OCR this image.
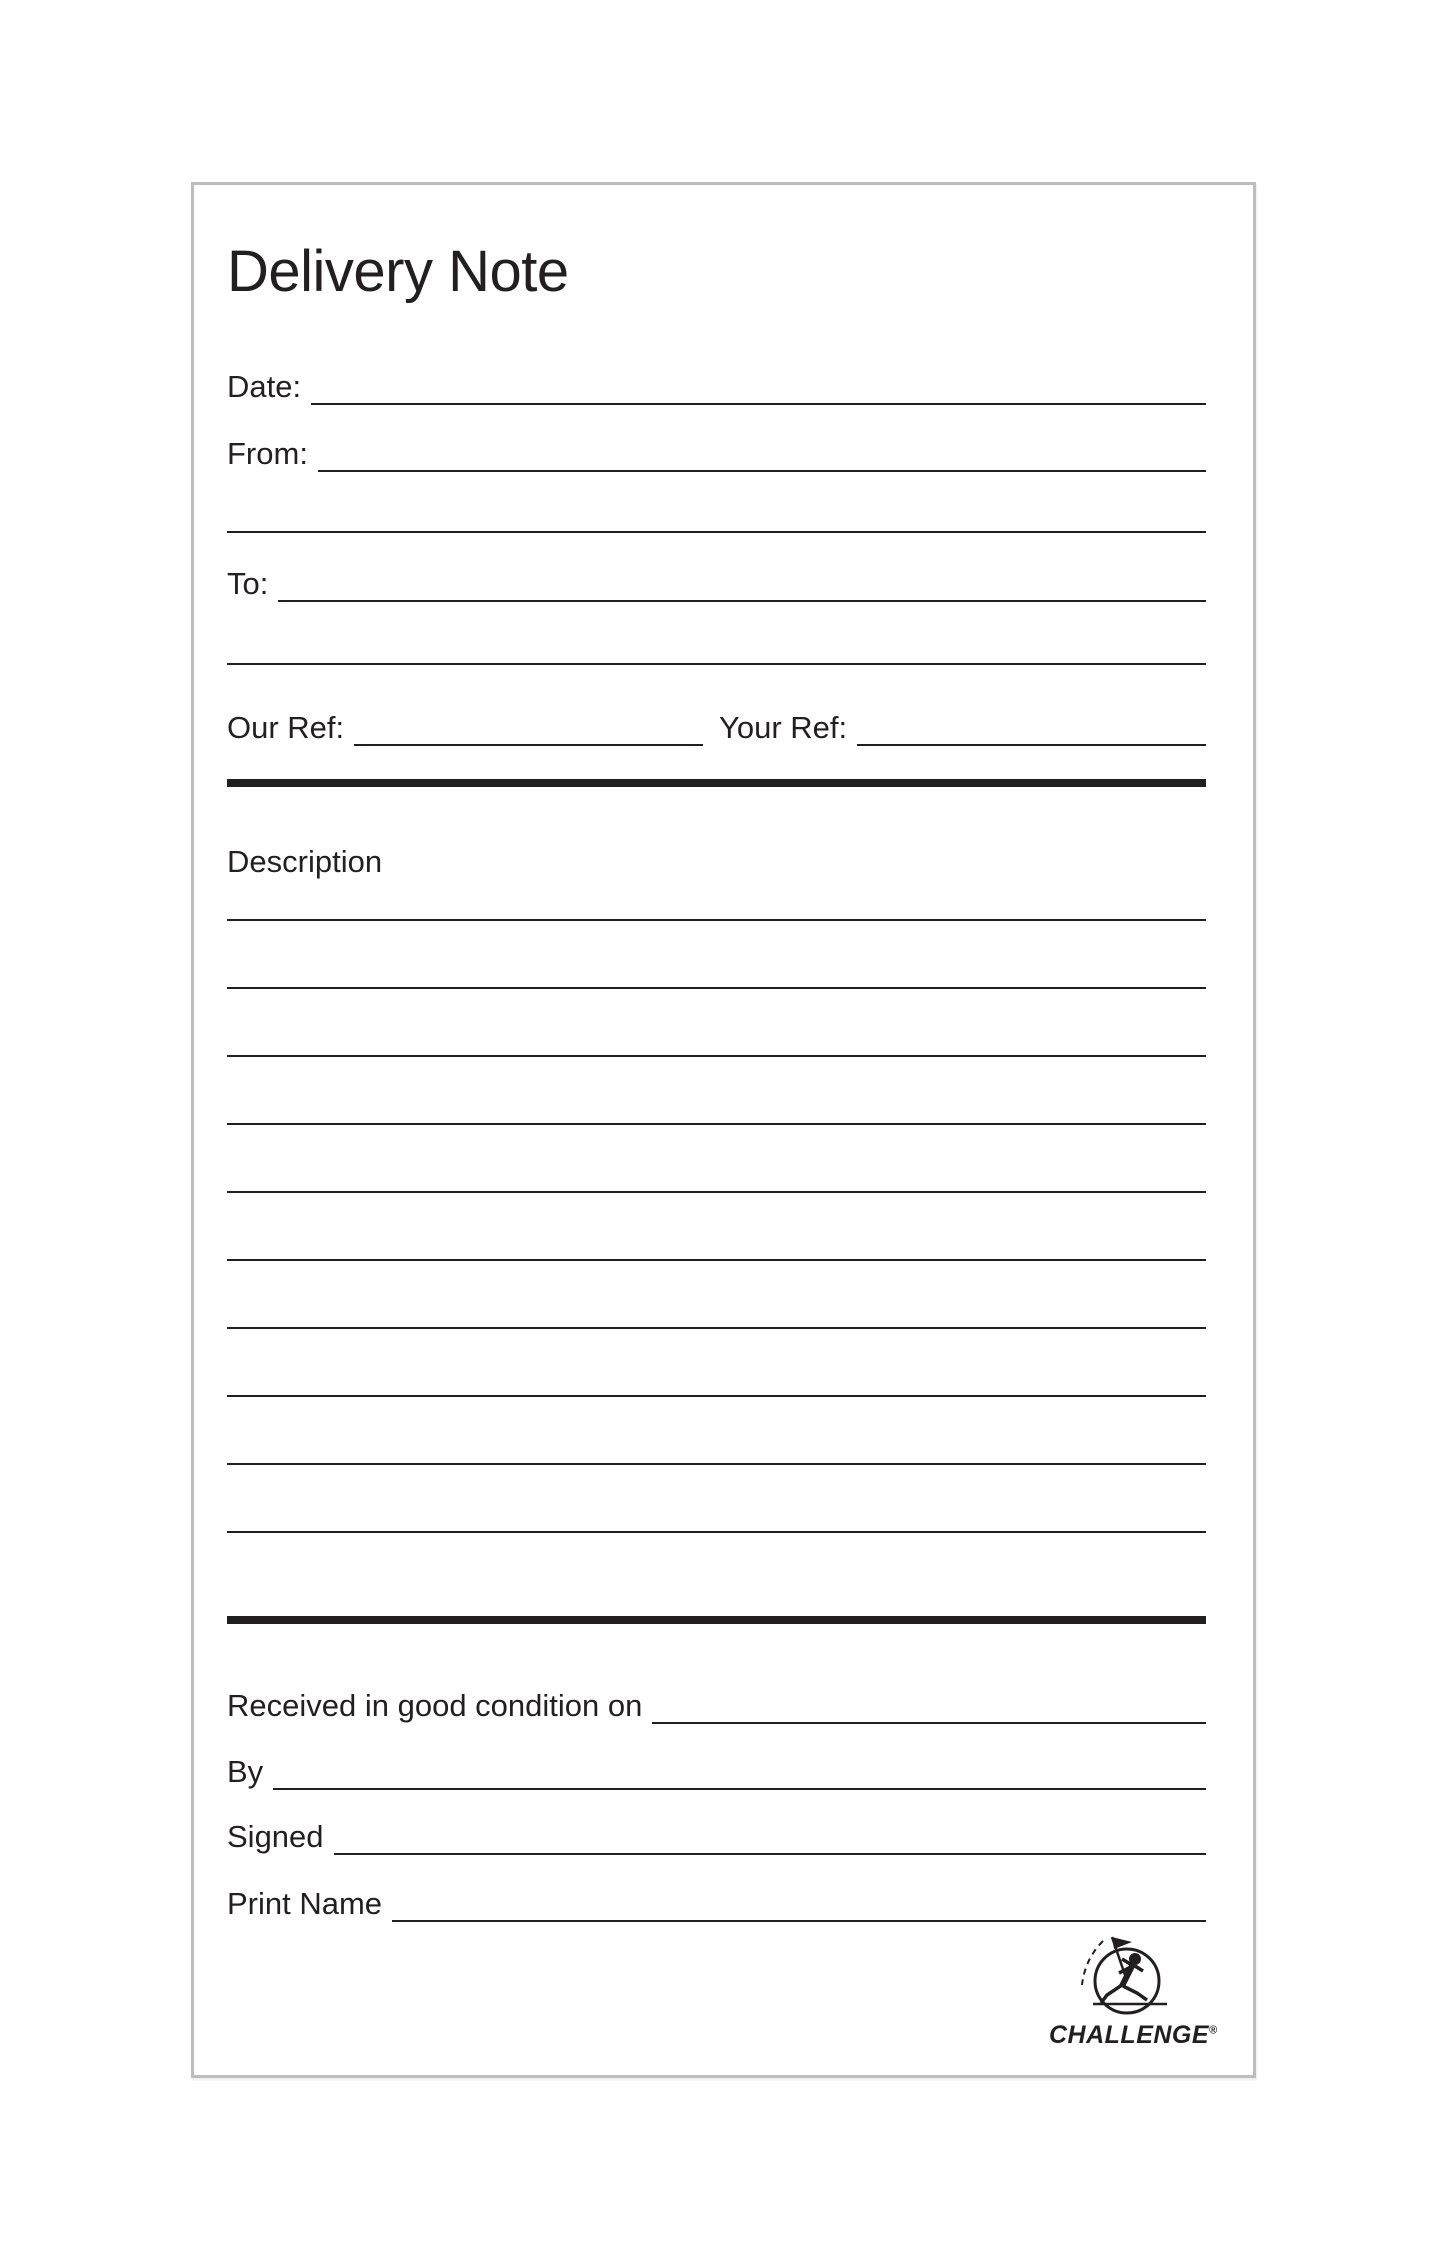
Delivery Note
Date:
From:
To:
Our Ref:	Your Ref:
Description
Received in good condition on
By
Signed
Print Name
CHALLENGE®
